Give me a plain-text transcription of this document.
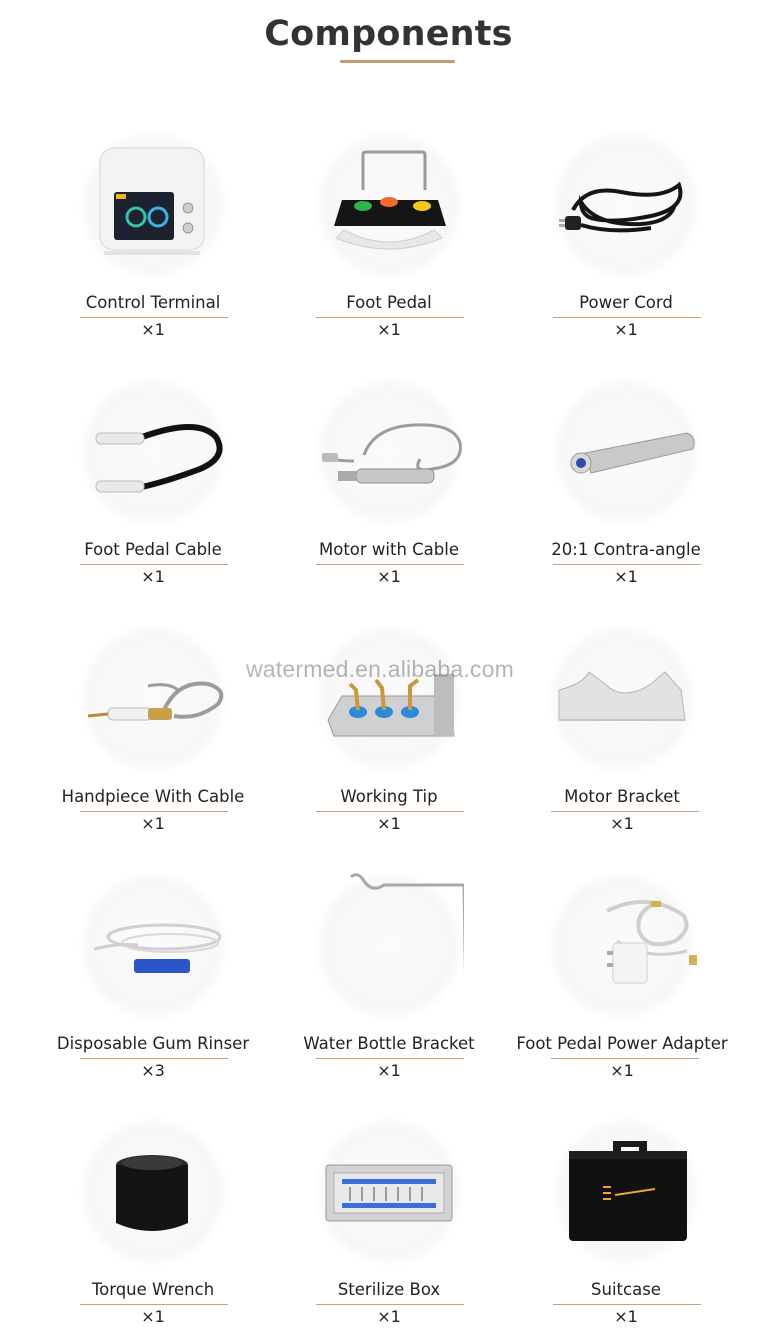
Components
watermed.en.alibaba.com
Control Terminal
×1
Foot Pedal
×1
Power Cord
×1
Foot Pedal Cable
×1
Motor with Cable
×1
20:1 Contra-angle
×1
Handpiece With Cable
×1
Working Tip
×1
Motor Bracket
×1
Disposable Gum Rinser
×3
Water Bottle Bracket
×1
Foot Pedal Power Adapter
×1
Torque Wrench
×1
Sterilize Box
×1
Suitcase
×1
